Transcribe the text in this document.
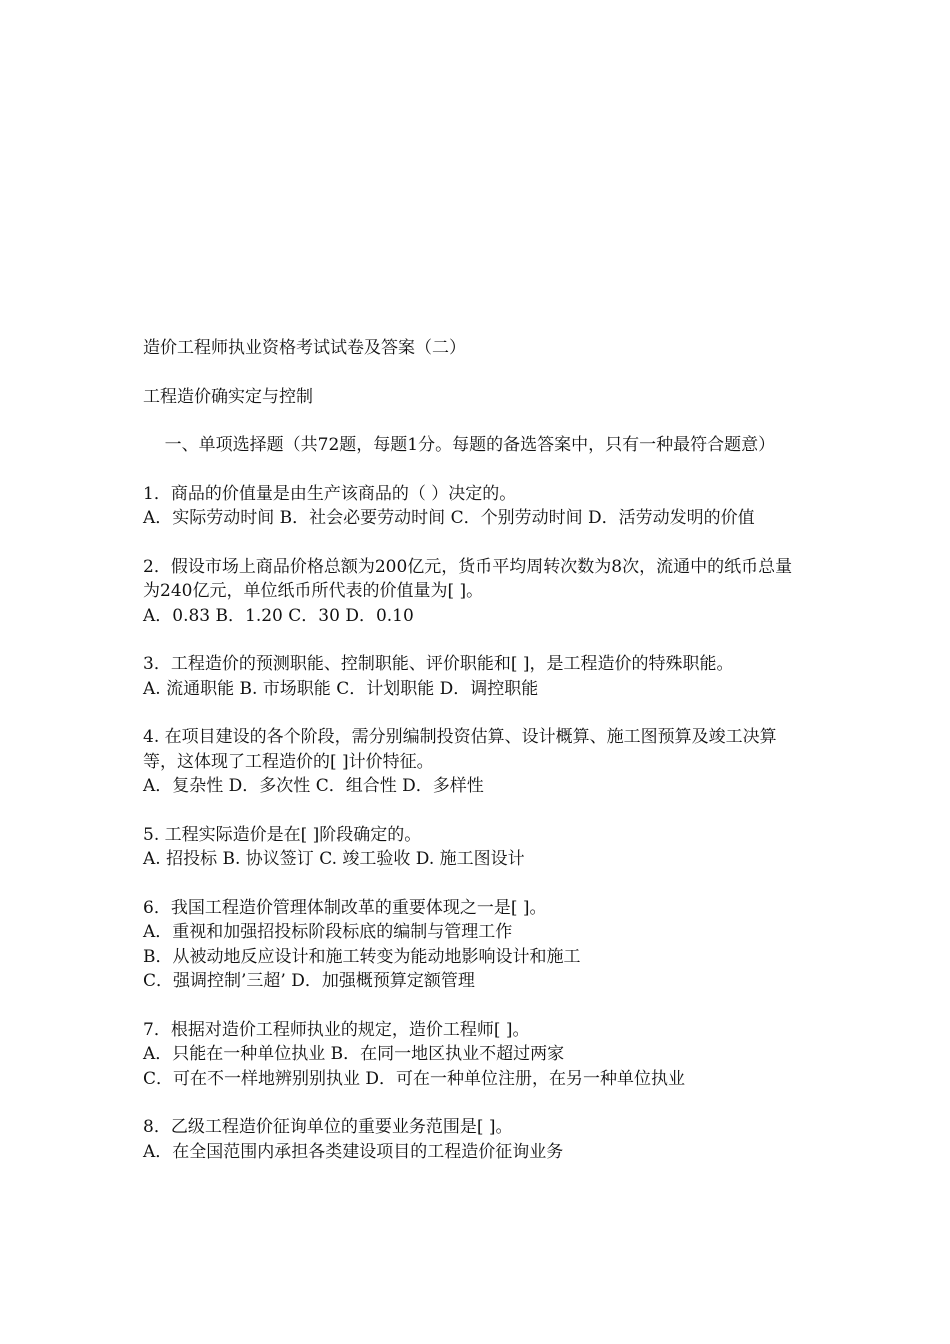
造价工程师执业资格考试试卷及答案（二）
工程造价确实定与控制
一、单项选择题（共72题，每题1分。每题的备选答案中，只有一种最符合题意）
1．商品的价值量是由生产该商品的（ ）决定的。
A．实际劳动时间 B．社会必要劳动时间 C．个别劳动时间 D．活劳动发明的价值
2．假设市场上商品价格总额为200亿元，货币平均周转次数为8次，流通中的纸币总量为240亿元，单位纸币所代表的价值量为[ ]。
A．0.83 B．1.20 C．30 D．0.10
3．工程造价的预测职能、控制职能、评价职能和[ ]，是工程造价的特殊职能。
A. 流通职能 B. 市场职能 C．计划职能 D．调控职能
4. 在项目建设的各个阶段，需分别编制投资估算、设计概算、施工图预算及竣工决算等，这体现了工程造价的[ ]计价特征。
A．复杂性 D．多次性 C．组合性 D．多样性
5. 工程实际造价是在[ ]阶段确定的。
A. 招投标 B. 协议签订 C. 竣工验收 D. 施工图设计
6．我国工程造价管理体制改革的重要体现之一是[ ]。
A．重视和加强招投标阶段标底的编制与管理工作
B．从被动地反应设计和施工转变为能动地影响设计和施工
C．强调控制’三超’ D．加强概预算定额管理
7．根据对造价工程师执业的规定，造价工程师[ ]。
A．只能在一种单位执业 B．在同一地区执业不超过两家
C．可在不一样地辨别别执业 D．可在一种单位注册，在另一种单位执业
8．乙级工程造价征询单位的重要业务范围是[ ]。
A．在全国范围内承担各类建设项目的工程造价征询业务
